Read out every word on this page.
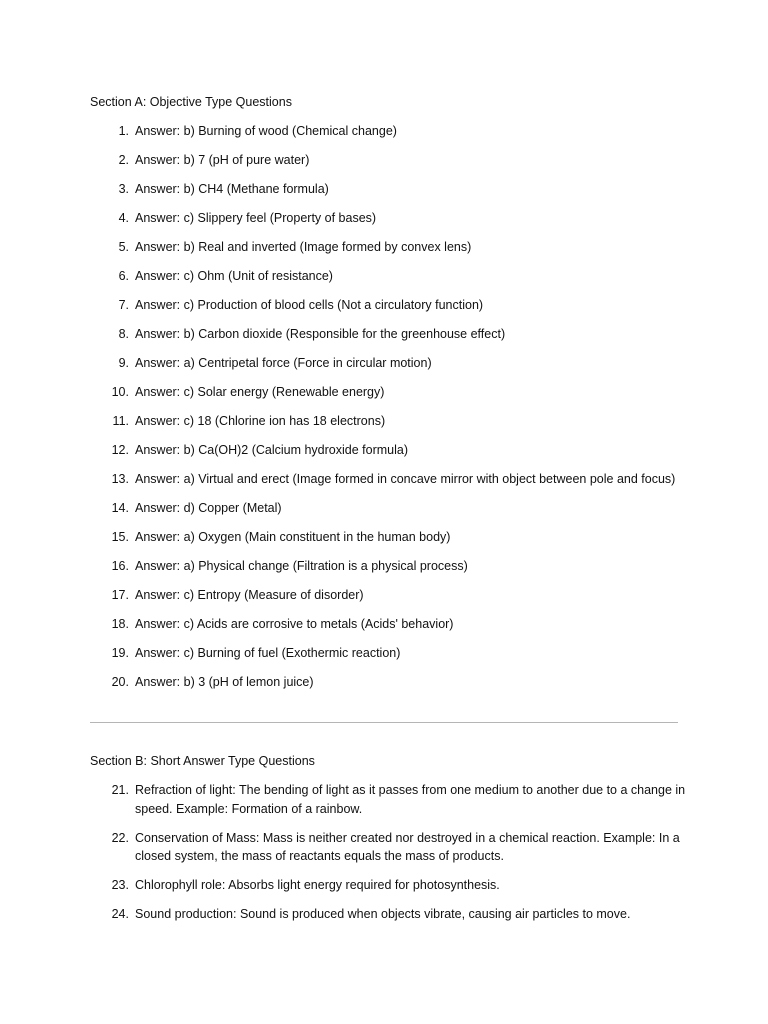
Section A: Objective Type Questions
1. Answer: b) Burning of wood (Chemical change)
2. Answer: b) 7 (pH of pure water)
3. Answer: b) CH4 (Methane formula)
4. Answer: c) Slippery feel (Property of bases)
5. Answer: b) Real and inverted (Image formed by convex lens)
6. Answer: c) Ohm (Unit of resistance)
7. Answer: c) Production of blood cells (Not a circulatory function)
8. Answer: b) Carbon dioxide (Responsible for the greenhouse effect)
9. Answer: a) Centripetal force (Force in circular motion)
10. Answer: c) Solar energy (Renewable energy)
11. Answer: c) 18 (Chlorine ion has 18 electrons)
12. Answer: b) Ca(OH)2 (Calcium hydroxide formula)
13. Answer: a) Virtual and erect (Image formed in concave mirror with object between pole and focus)
14. Answer: d) Copper (Metal)
15. Answer: a) Oxygen (Main constituent in the human body)
16. Answer: a) Physical change (Filtration is a physical process)
17. Answer: c) Entropy (Measure of disorder)
18. Answer: c) Acids are corrosive to metals (Acids' behavior)
19. Answer: c) Burning of fuel (Exothermic reaction)
20. Answer: b) 3 (pH of lemon juice)
Section B: Short Answer Type Questions
21. Refraction of light: The bending of light as it passes from one medium to another due to a change in speed. Example: Formation of a rainbow.
22. Conservation of Mass: Mass is neither created nor destroyed in a chemical reaction. Example: In a closed system, the mass of reactants equals the mass of products.
23. Chlorophyll role: Absorbs light energy required for photosynthesis.
24. Sound production: Sound is produced when objects vibrate, causing air particles to move.
